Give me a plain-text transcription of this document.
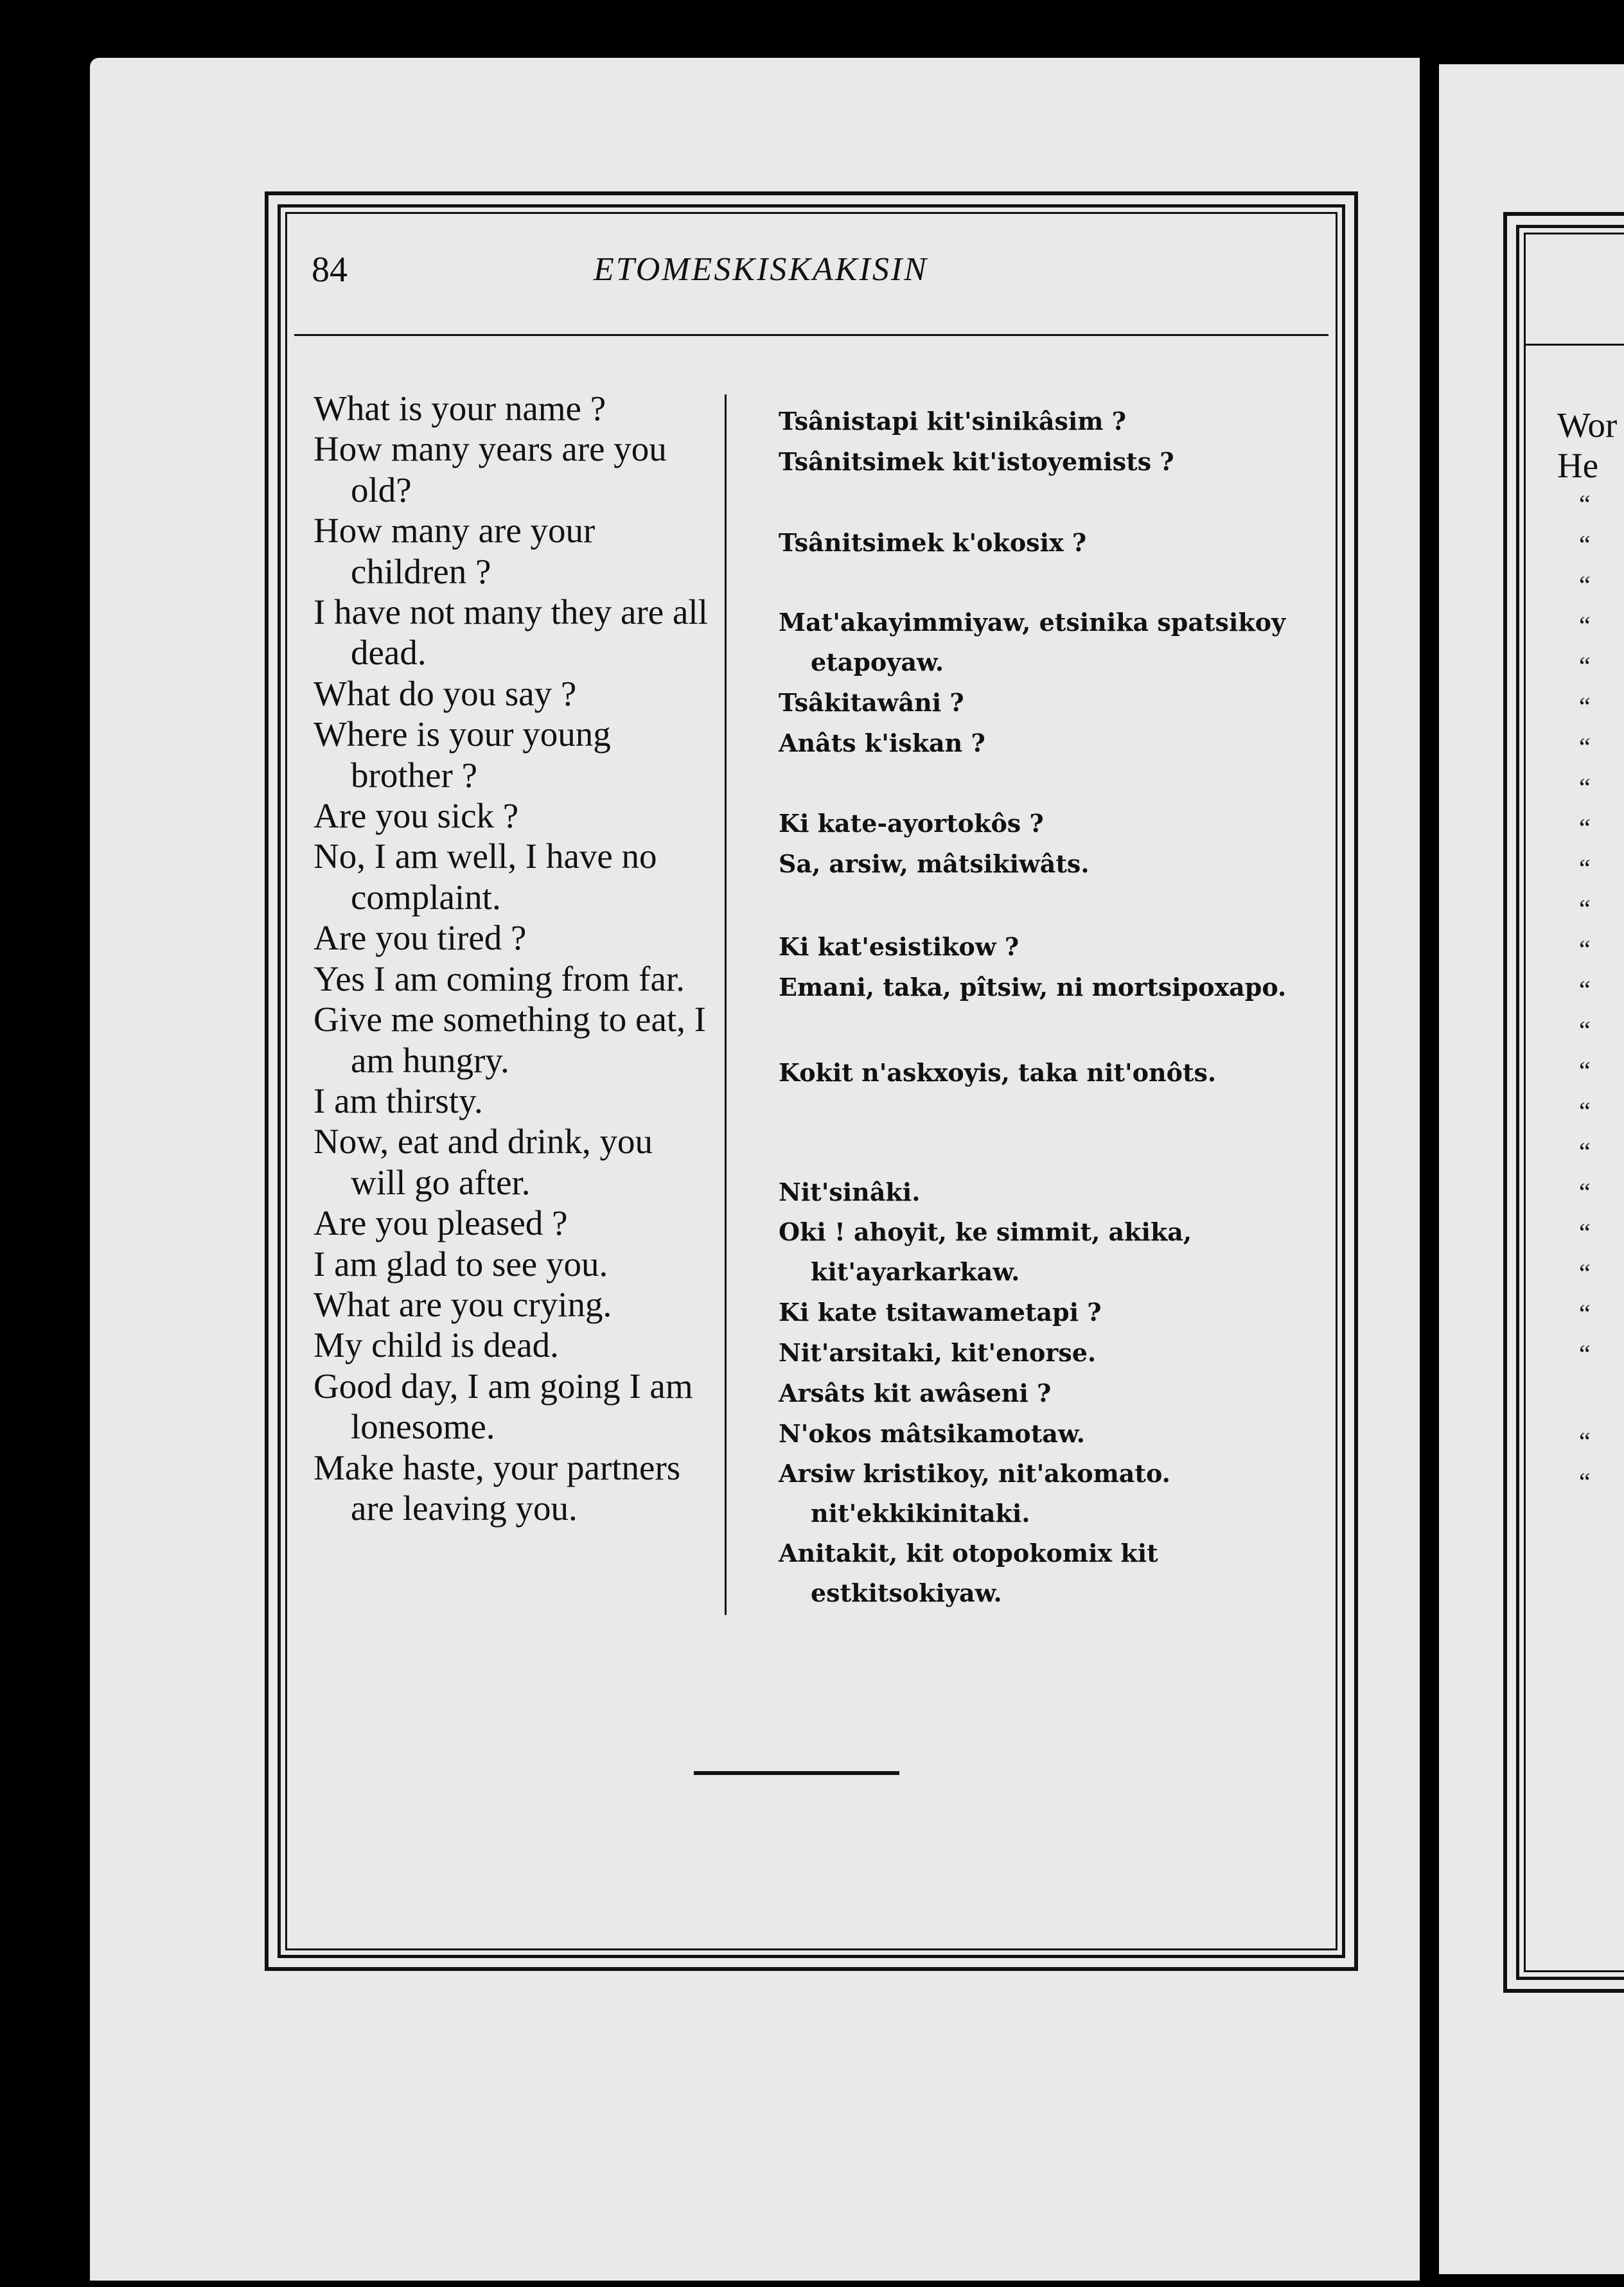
84	ETOMESKISKAKISIN
What is your name ?
How many years are you old?
How many are your children ?
I have not many they are all dead.
What do you say ?
Where is your young brother ?
Are you sick ?
No, I am well, I have no complaint.
Are you tired ?
Yes I am coming from far.
Give me something to eat, I am hungry.
I am thirsty.
Now, eat and drink, you will go after.
Are you pleased ?
I am glad to see you.
What are you crying.
My child is dead.
Good day, I am going I am lonesome.
Make haste, your partners are leaving you.
Tsânistapi kit'sinikâsim ?
Tsânitsimek kit'istoyemists ?
Tsânitsimek k'okosix ?
Mat'akayimmiyaw, etsinika spatsikoy etapoyaw.
Tsâkitawâni ?
Anâts k'iskan ?
Ki kate-ayortokôs ?
Sa, arsiw, mâtsikiwâts.
Ki kat'esistikow ?
Emani, taka, pîtsiw, ni mortsipoxapo.
Kokit n'askxoyis, taka nit'onôts.
Nit'sinâki.
Oki ! ahoyit, ke simmit, akika, kit'ayarkarkaw.
Ki kate tsitawametapi ?
Nit'arsitaki, kit'enorse.
Arsâts kit awâseni ?
N'okos mâtsikamotaw.
Arsiw kristikoy, nit'akomato. nit'ekkikinitaki.
Anitakit, kit otopokomix kit estkitsokiyaw.
Wor
He
“
“
“
“
“
“
“
“
“
“
“
“
“
“
“
“
“
“
“
“
“
“
“
“
